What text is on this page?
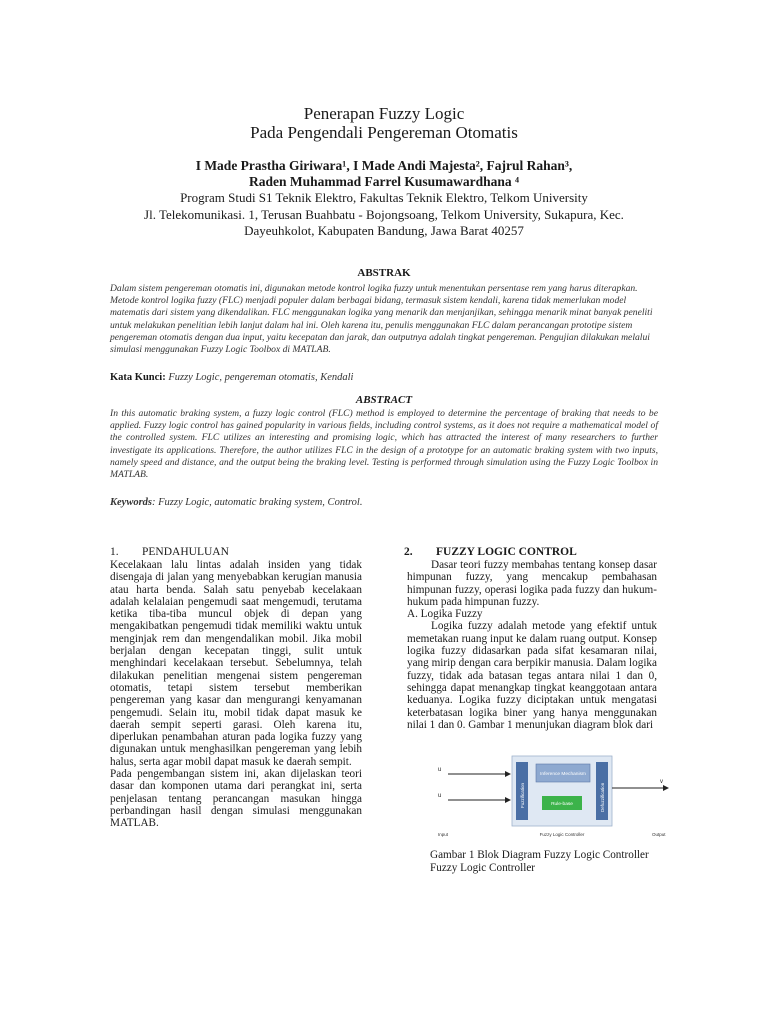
Penerapan Fuzzy Logic
Pada Pengendali Pengereman Otomatis
I Made Prastha Giriwara¹, I Made Andi Majesta², Fajrul Rahan³,
Raden Muhammad Farrel Kusumawardhana ⁴
Program Studi S1 Teknik Elektro, Fakultas Teknik Elektro, Telkom University
Jl. Telekomunikasi. 1, Terusan Buahbatu - Bojongsoang, Telkom University, Sukapura, Kec.
Dayeuhkolot, Kabupaten Bandung, Jawa Barat 40257
ABSTRAK
Dalam sistem pengereman otomatis ini, digunakan metode kontrol logika fuzzy untuk menentukan persentase rem yang harus diterapkan. Metode kontrol logika fuzzy (FLC) menjadi populer dalam berbagai bidang, termasuk sistem kendali, karena tidak memerlukan model matematis dari sistem yang dikendalikan. FLC menggunakan logika yang menarik dan menjanjikan, sehingga menarik minat banyak peneliti untuk melakukan penelitian lebih lanjut dalam hal ini. Oleh karena itu, penulis menggunakan FLC dalam perancangan prototipe sistem pengereman otomatis dengan dua input, yaitu kecepatan dan jarak, dan outputnya adalah tingkat pengereman. Pengujian dilakukan melalui simulasi menggunakan Fuzzy Logic Toolbox di MATLAB.
Kata Kunci: Fuzzy Logic, pengereman otomatis, Kendali
ABSTRACT
In this automatic braking system, a fuzzy logic control (FLC) method is employed to determine the percentage of braking that needs to be applied. Fuzzy logic control has gained popularity in various fields, including control systems, as it does not require a mathematical model of the controlled system. FLC utilizes an interesting and promising logic, which has attracted the interest of many researchers to further investigate its applications. Therefore, the author utilizes FLC in the design of a prototype for an automatic braking system with two inputs, namely speed and distance, and the output being the braking level. Testing is performed through simulation using the Fuzzy Logic Toolbox in MATLAB.
Keywords: Fuzzy Logic, automatic braking system, Control.
1. PENDAHULUAN

Kecelakaan lalu lintas adalah insiden yang tidak disengaja di jalan yang menyebabkan kerugian manusia atau harta benda. Salah satu penyebab kecelakaan adalah kelalaian pengemudi saat mengemudi, terutama ketika tiba-tiba muncul objek di depan yang mengakibatkan pengemudi tidak memiliki waktu untuk menginjak rem dan mengendalikan mobil. Jika mobil berjalan dengan kecepatan tinggi, sulit untuk menghindari kecelakaan tersebut. Sebelumnya, telah dilakukan penelitian mengenai sistem pengereman otomatis, tetapi sistem tersebut memberikan pengereman yang kasar dan mengurangi kenyamanan pengemudi. Selain itu, mobil tidak dapat masuk ke daerah sempit seperti garasi. Oleh karena itu, diperlukan penambahan aturan pada logika fuzzy yang digunakan untuk menghasilkan pengereman yang lebih halus, serta agar mobil dapat masuk ke daerah sempit.

Pada pengembangan sistem ini, akan dijelaskan teori dasar dan komponen utama dari perangkat ini, serta penjelasan tentang perancangan masukan hingga perbandingan hasil dengan simulasi menggunakan MATLAB.

2. FUZZY LOGIC CONTROL

Dasar teori fuzzy membahas tentang konsep dasar himpunan fuzzy, yang mencakup pembahasan himpunan fuzzy, operasi logika pada fuzzy dan hukum-hukum pada himpunan fuzzy.

A. Logika Fuzzy

Logika fuzzy adalah metode yang efektif untuk memetakan ruang input ke dalam ruang output. Konsep logika fuzzy didasarkan pada sifat kesamaran nilai, yang mirip dengan cara berpikir manusia. Dalam logika fuzzy, tidak ada batasan tegas antara nilai 1 dan 0, sehingga dapat menangkap tingkat keanggotaan antara keduanya. Logika fuzzy diciptakan untuk mengatasi keterbatasan logika biner yang hanya menggunakan nilai 1 dan 0. Gambar 1 menunjukan diagram blok dari

u
u	Fuzzification
Inference Mechanism
Rule-base	Defuzzification
v
Input	Fuzzy Logic Controller	Output
Gambar 1 Blok Diagram Fuzzy Logic Controller
Fuzzy Logic Controller
